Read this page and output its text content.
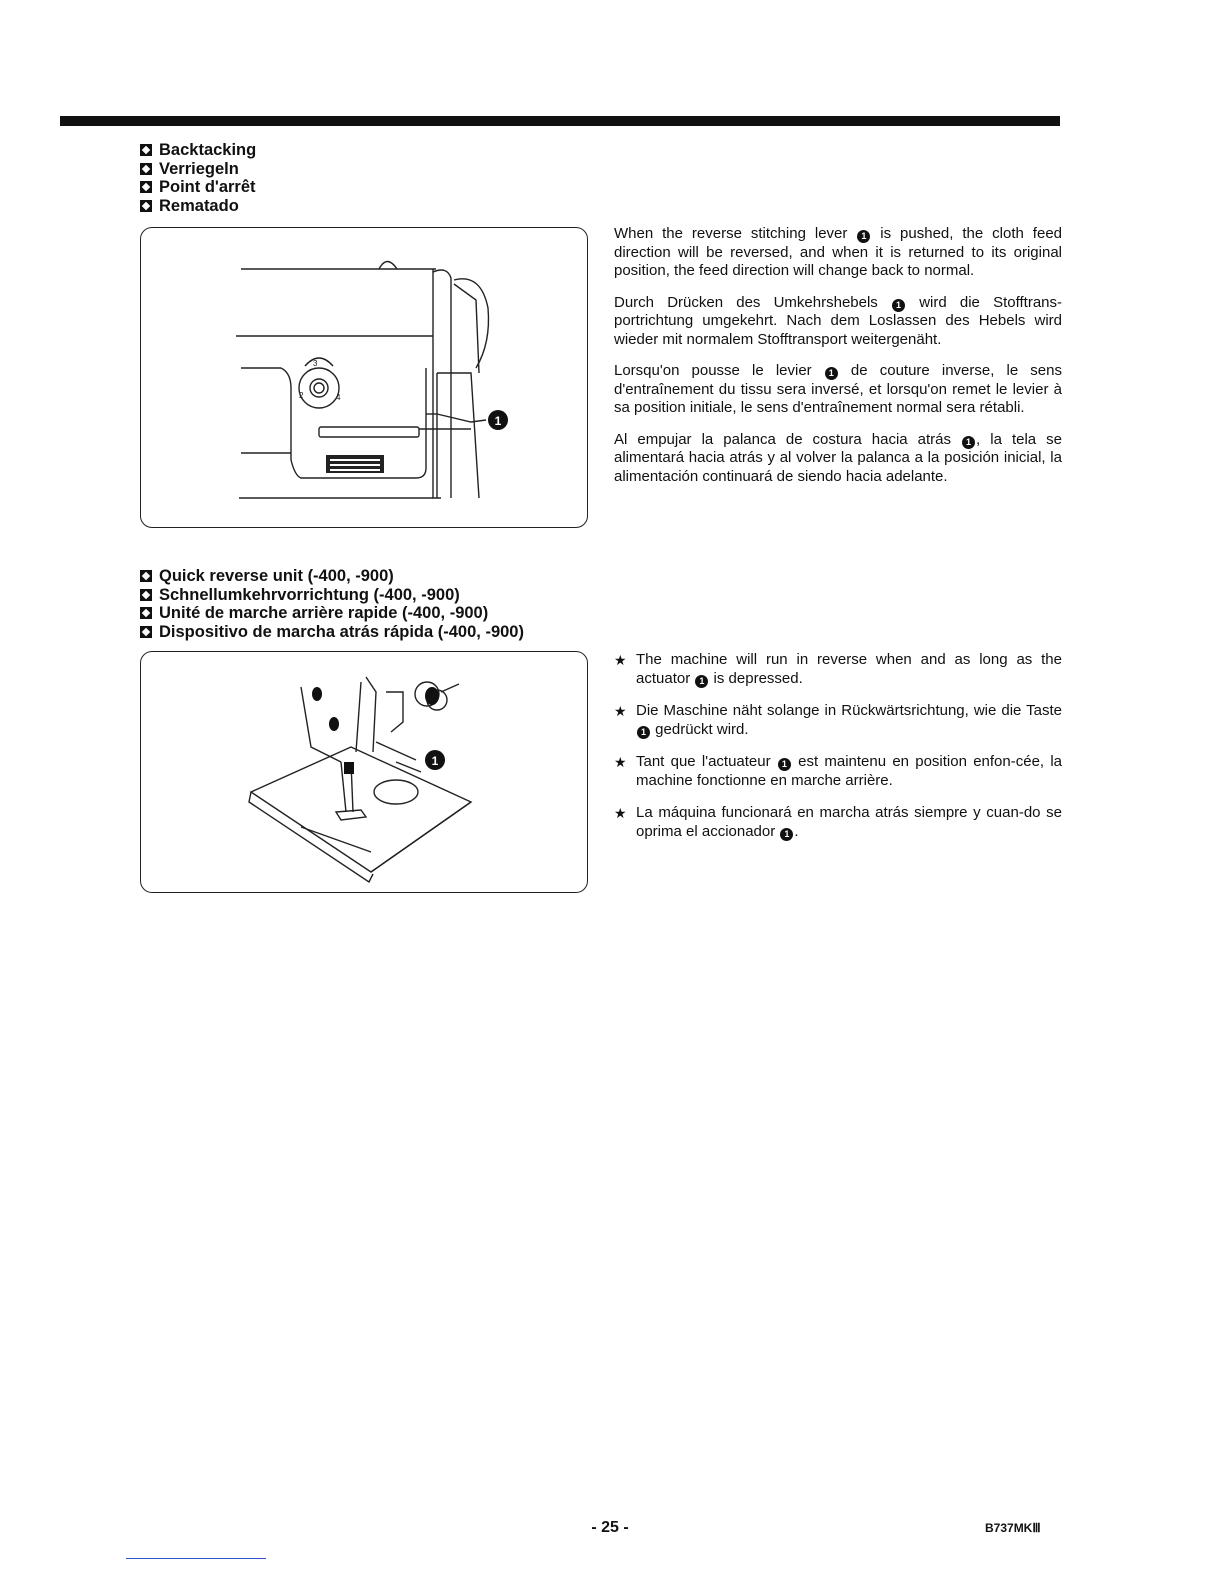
Backtacking
Verriegeln
Point d'arrêt
Rematado
3
2	4
1

When the reverse stitching lever 1 is pushed, the cloth feed direction will be reversed, and when it is returned to its original position, the feed direction will change back to normal.

Durch Drücken des Umkehrshebels 1 wird die Stofftrans-portrichtung umgekehrt. Nach dem Loslassen des Hebels wird wieder mit normalem Stofftransport weitergenäht.

Lorsqu'on pousse le levier 1 de couture inverse, le sens d'entraînement du tissu sera inversé, et lorsqu'on remet le levier à sa position initiale, le sens d'entraînement normal sera rétabli.

Al empujar la palanca de costura hacia atrás 1 , la tela se alimentará hacia atrás y al volver la palanca a la posición inicial, la alimentación continuará de siendo hacia adelante.

Quick reverse unit (-400, -900)
Schnellumkehrvorrichtung (-400, -900)
Unité de marche arrière rapide (-400, -900)
Dispositivo de marcha atrás rápida (-400, -900)
1
★ The machine will run in reverse when and as long as the actuator 1 is depressed.
★ Die Maschine näht solange in Rückwärtsrichtung, wie die Taste 1 gedrückt wird.
★ Tant que l'actuateur 1 est maintenu en position enfon-cée, la machine fonctionne en marche arrière.
★ La máquina funcionará en marcha atrás siempre y cuan-do se oprima el accionador 1 .
- 25 -	B737MKⅢ
